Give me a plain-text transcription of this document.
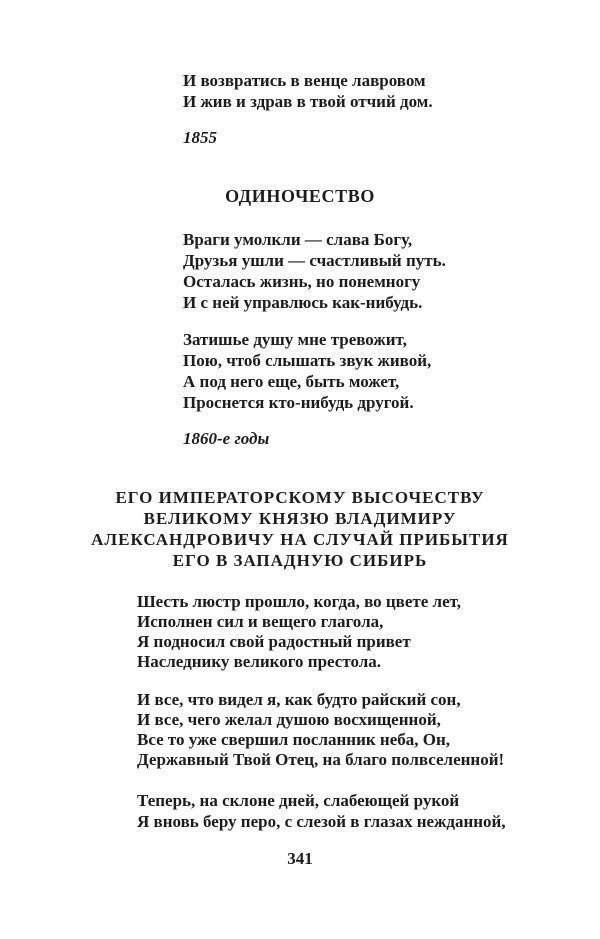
И возвратись в венце лавровом
И жив и здрав в твой отчий дом.
1855
ОДИНОЧЕСТВО
Враги умолкли — слава Богу,
Друзья ушли — счастливый путь.
Осталась жизнь, но понемногу
И с ней управлюсь как-нибудь.
Затишье душу мне тревожит,
Пою, чтоб слышать звук живой,
А под него еще, быть может,
Проснется кто-нибудь другой.
1860-е годы
ЕГО ИМПЕРАТОРСКОМУ ВЫСОЧЕСТВУ
ВЕЛИКОМУ КНЯЗЮ ВЛАДИМИРУ
АЛЕКСАНДРОВИЧУ НА СЛУЧАЙ ПРИБЫТИЯ
ЕГО В ЗАПАДНУЮ СИБИРЬ
Шесть люстр прошло, когда, во цвете лет,
Исполнен сил и вещего глагола,
Я подносил свой радостный привет
Наследнику великого престола.
И все, что видел я, как будто райский сон,
И все, чего желал душою восхищенной,
Все то уже свершил посланник неба, Он,
Державный Твой Отец, на благо полвселенной!
Теперь, на склоне дней, слабеющей рукой
Я вновь беру перо, с слезой в глазах нежданной,
341
